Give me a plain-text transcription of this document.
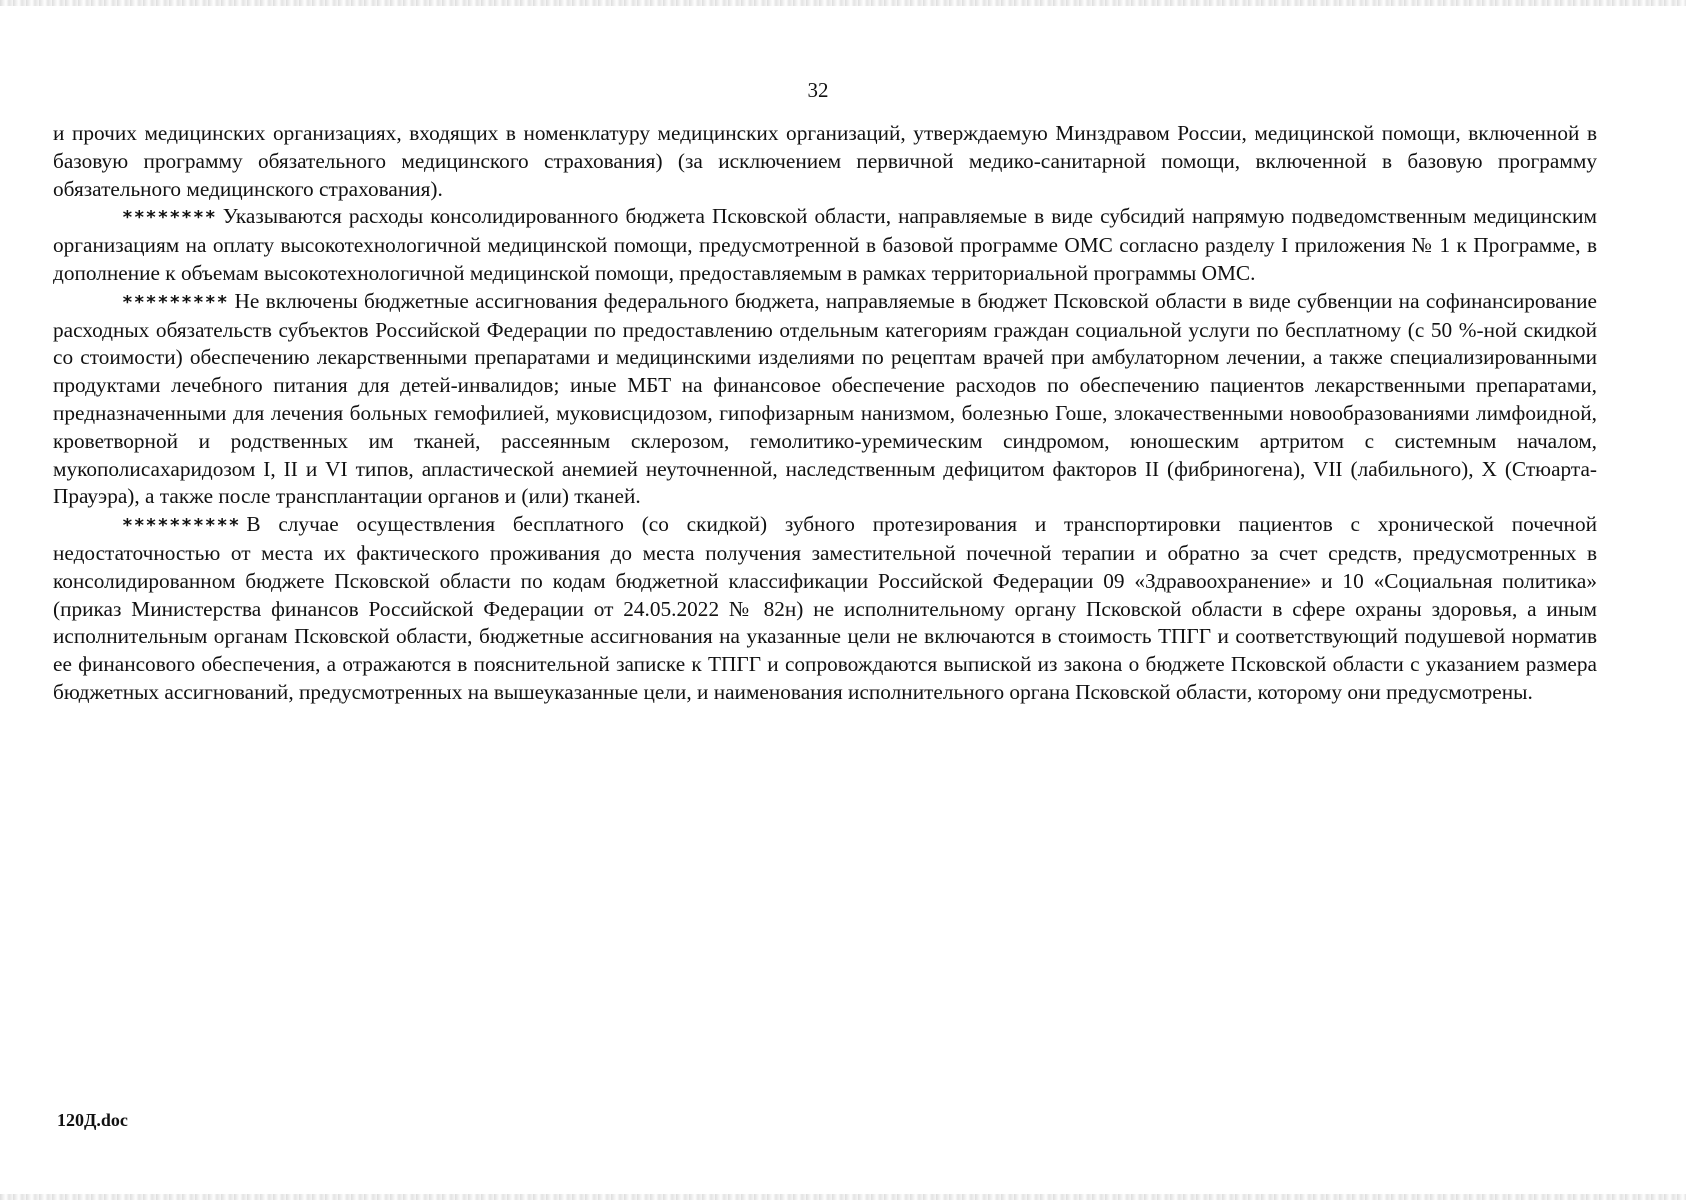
32

и прочих медицинских организациях, входящих в номенклатуру медицинских организаций, утверждаемую Минздравом России, медицинской помощи, включенной в базовую программу обязательного медицинского страхования) (за исключением первичной медико-санитарной помощи, включенной в базовую программу обязательного медицинского страхования).

******** Указываются расходы консолидированного бюджета Псковской области, направляемые в виде субсидий напрямую подведомственным медицинским организациям на оплату высокотехнологичной медицинской помощи, предусмотренной в базовой программе ОМС согласно разделу I приложения № 1 к Программе, в дополнение к объемам высокотехнологичной медицинской помощи, предоставляемым в рамках территориальной программы ОМС.

********* Не включены бюджетные ассигнования федерального бюджета, направляемые в бюджет Псковской области в виде субвенции на софинансирование расходных обязательств субъектов Российской Федерации по предоставлению отдельным категориям граждан социальной услуги по бесплатному (с 50 %-ной скидкой со стоимости) обеспечению лекарственными препаратами и медицинскими изделиями по рецептам врачей при амбулаторном лечении, а также специализированными продуктами лечебного питания для детей-инвалидов; иные МБТ на финансовое обеспечение расходов по обеспечению пациентов лекарственными препаратами, предназначенными для лечения больных гемофилией, муковисцидозом, гипофизарным нанизмом, болезнью Гоше, злокачественными новообразованиями лимфоидной, кроветворной и родственных им тканей, рассеянным склерозом, гемолитико-уремическим синдромом, юношеским артритом с системным началом, мукополисахаридозом I, II и VI типов, апластической анемией неуточненной, наследственным дефицитом факторов II (фибриногена), VII (лабильного), X (Стюарта-Прауэра), а также после трансплантации органов и (или) тканей.

********** В случае осуществления бесплатного (со скидкой) зубного протезирования и транспортировки пациентов с хронической почечной недостаточностью от места их фактического проживания до места получения заместительной почечной терапии и обратно за счет средств, предусмотренных в консолидированном бюджете Псковской области по кодам бюджетной классификации Российской Федерации 09 «Здравоохранение» и 10 «Социальная политика» (приказ Министерства финансов Российской Федерации от 24.05.2022 № 82н) не исполнительному органу Псковской области в сфере охраны здоровья, а иным исполнительным органам Псковской области, бюджетные ассигнования на указанные цели не включаются в стоимость ТПГГ и соответствующий подушевой норматив ее финансового обеспечения, а отражаются в пояснительной записке к ТПГГ и сопровождаются выпиской из закона о бюджете Псковской области с указанием размера бюджетных ассигнований, предусмотренных на вышеуказанные цели, и наименования исполнительного органа Псковской области, которому они предусмотрены.

120Д.doc
